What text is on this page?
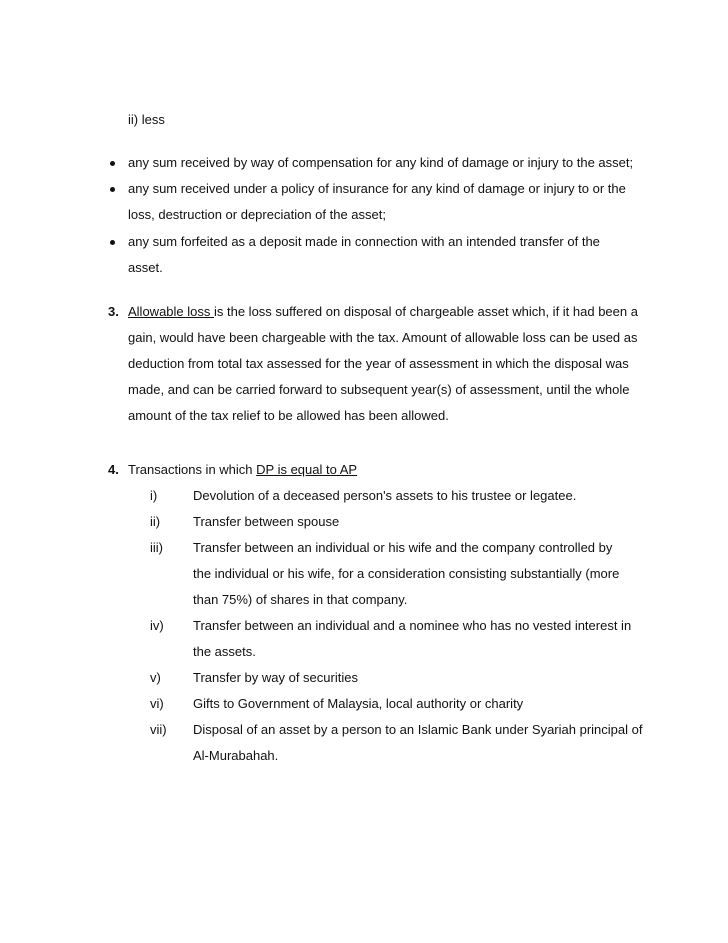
ii) less
any sum received by way of compensation for any kind of damage or injury to the asset;
any sum received under a policy of insurance for any kind of damage or injury to or the
loss, destruction or depreciation of the asset;
any sum forfeited as a deposit made in connection with an intended transfer of the
asset.
3. Allowable loss is the loss suffered on disposal of chargeable asset which, if it had been a
gain, would have been chargeable with the tax. Amount of allowable loss can be used as
deduction from total tax assessed for the year of assessment in which the disposal was
made, and can be carried forward to subsequent year(s) of assessment, until the whole
amount of the tax relief to be allowed has been allowed.
4. Transactions in which DP is equal to AP
i)	Devolution of a deceased person's assets to his trustee or legatee.
ii)	Transfer between spouse
iii) Transfer between an individual or his wife and the company controlled by
the individual or his wife, for a consideration consisting substantially (more
than 75%) of shares in that company.
iv) Transfer between an individual and a nominee who has no vested interest in
the assets.
v) Transfer by way of securities
vi) Gifts to Government of Malaysia, local authority or charity
vii) Disposal of an asset by a person to an Islamic Bank under Syariah principal of
Al-Murabahah.
